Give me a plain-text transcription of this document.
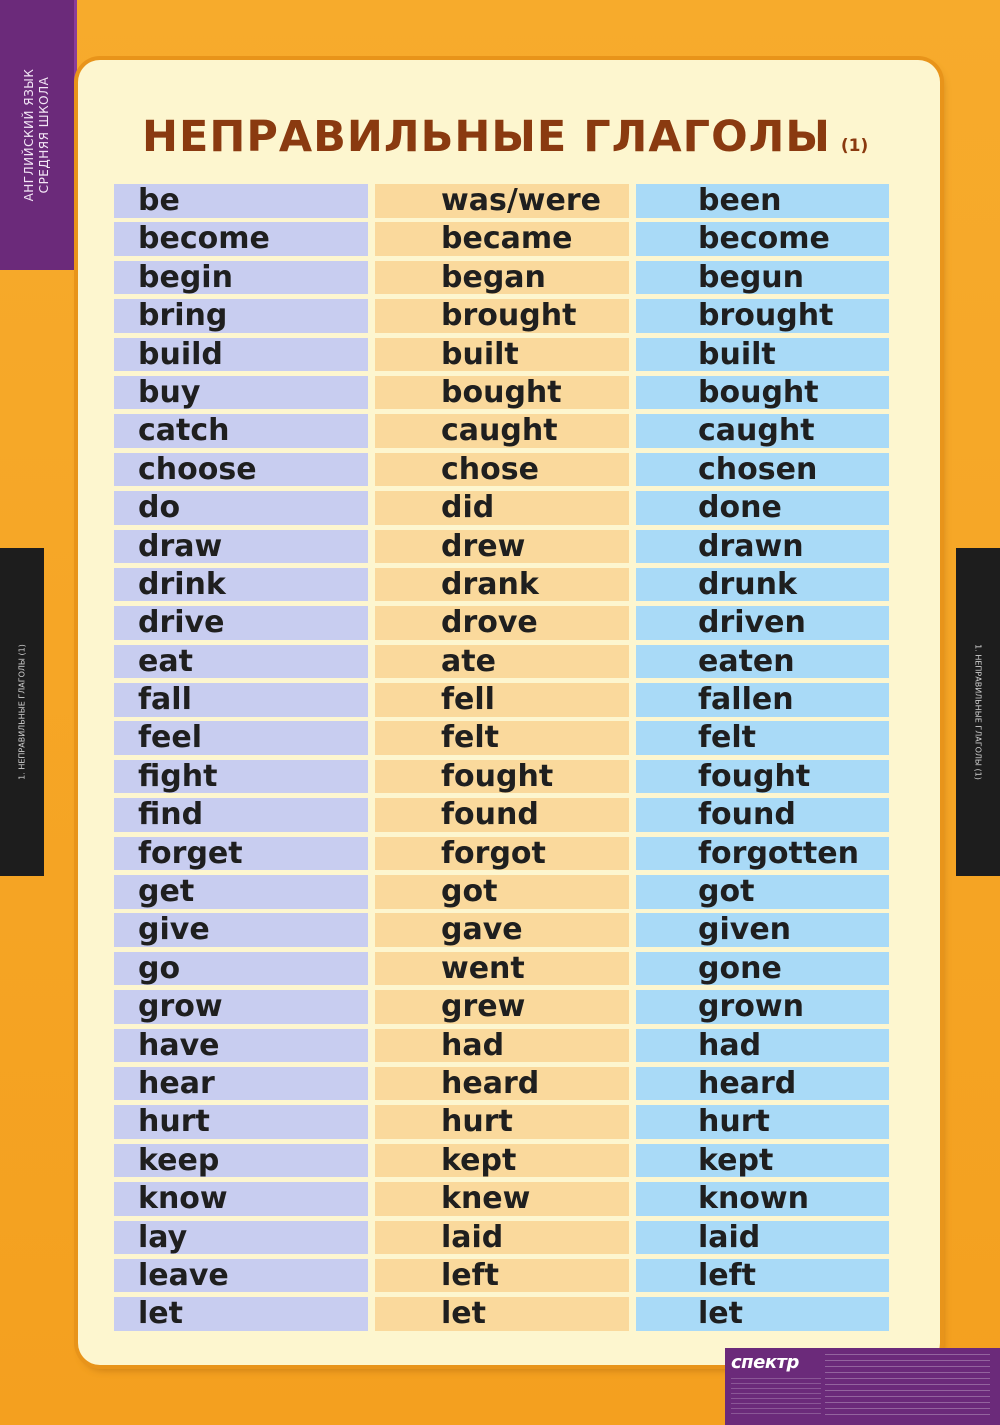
АНГЛИЙСКИЙ ЯЗЫК СРЕДНЯЯ ШКОЛА
1. НЕПРАВИЛЬНЫЕ ГЛАГОЛЫ (1)	1. НЕПРАВИЛЬНЫЕ ГЛАГОЛЫ (1)
НЕПРАВИЛЬНЫЕ ГЛАГОЛЫ (1)
be	was/were	been
become	became	become
begin	began	begun
bring	brought	brought
build	built	built
buy	bought	bought
catch	caught	caught
choose	chose	chosen
do	did	done
draw	drew	drawn
drink	drank	drunk
drive	drove	driven
eat	ate	eaten
fall	fell	fallen
feel	felt	felt
fight	fought	fought
find	found	found
forget	forgot	forgotten
get	got	got
give	gave	given
go	went	gone
grow	grew	grown
have	had	had
hear	heard	heard
hurt	hurt	hurt
keep	kept	kept
know	knew	known
lay	laid	laid
leave	left	left
let	let	let
спектр
